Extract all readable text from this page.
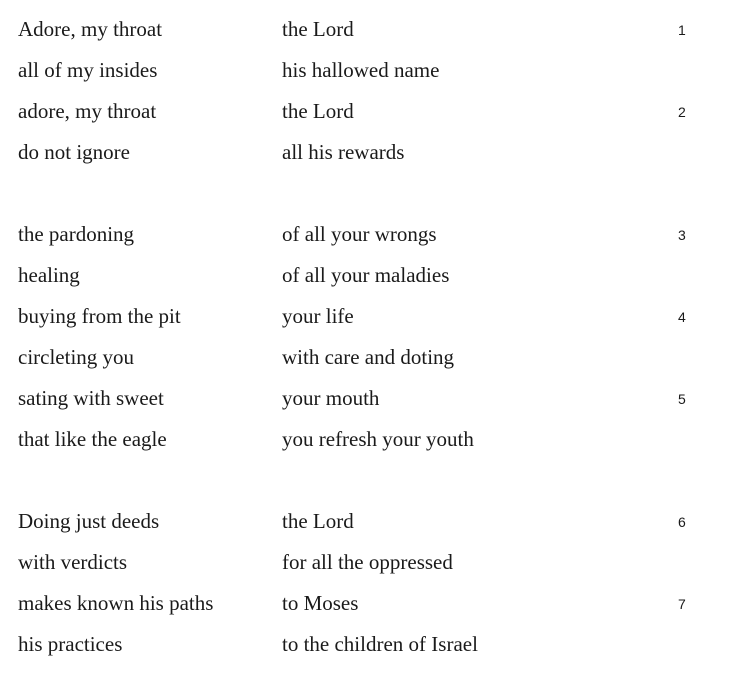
Adore, my throat	the Lord	1
all of my insides	his hallowed name
adore, my throat	the Lord	2
do not ignore	all his rewards
the pardoning	of all your wrongs	3
healing	of all your maladies
buying from the pit	your life	4
circleting you	with care and doting
sating with sweet	your mouth	5
that like the eagle	you refresh your youth
Doing just deeds	the Lord	6
with verdicts	for all the oppressed
makes known his paths	to Moses	7
his practices	to the children of Israel
